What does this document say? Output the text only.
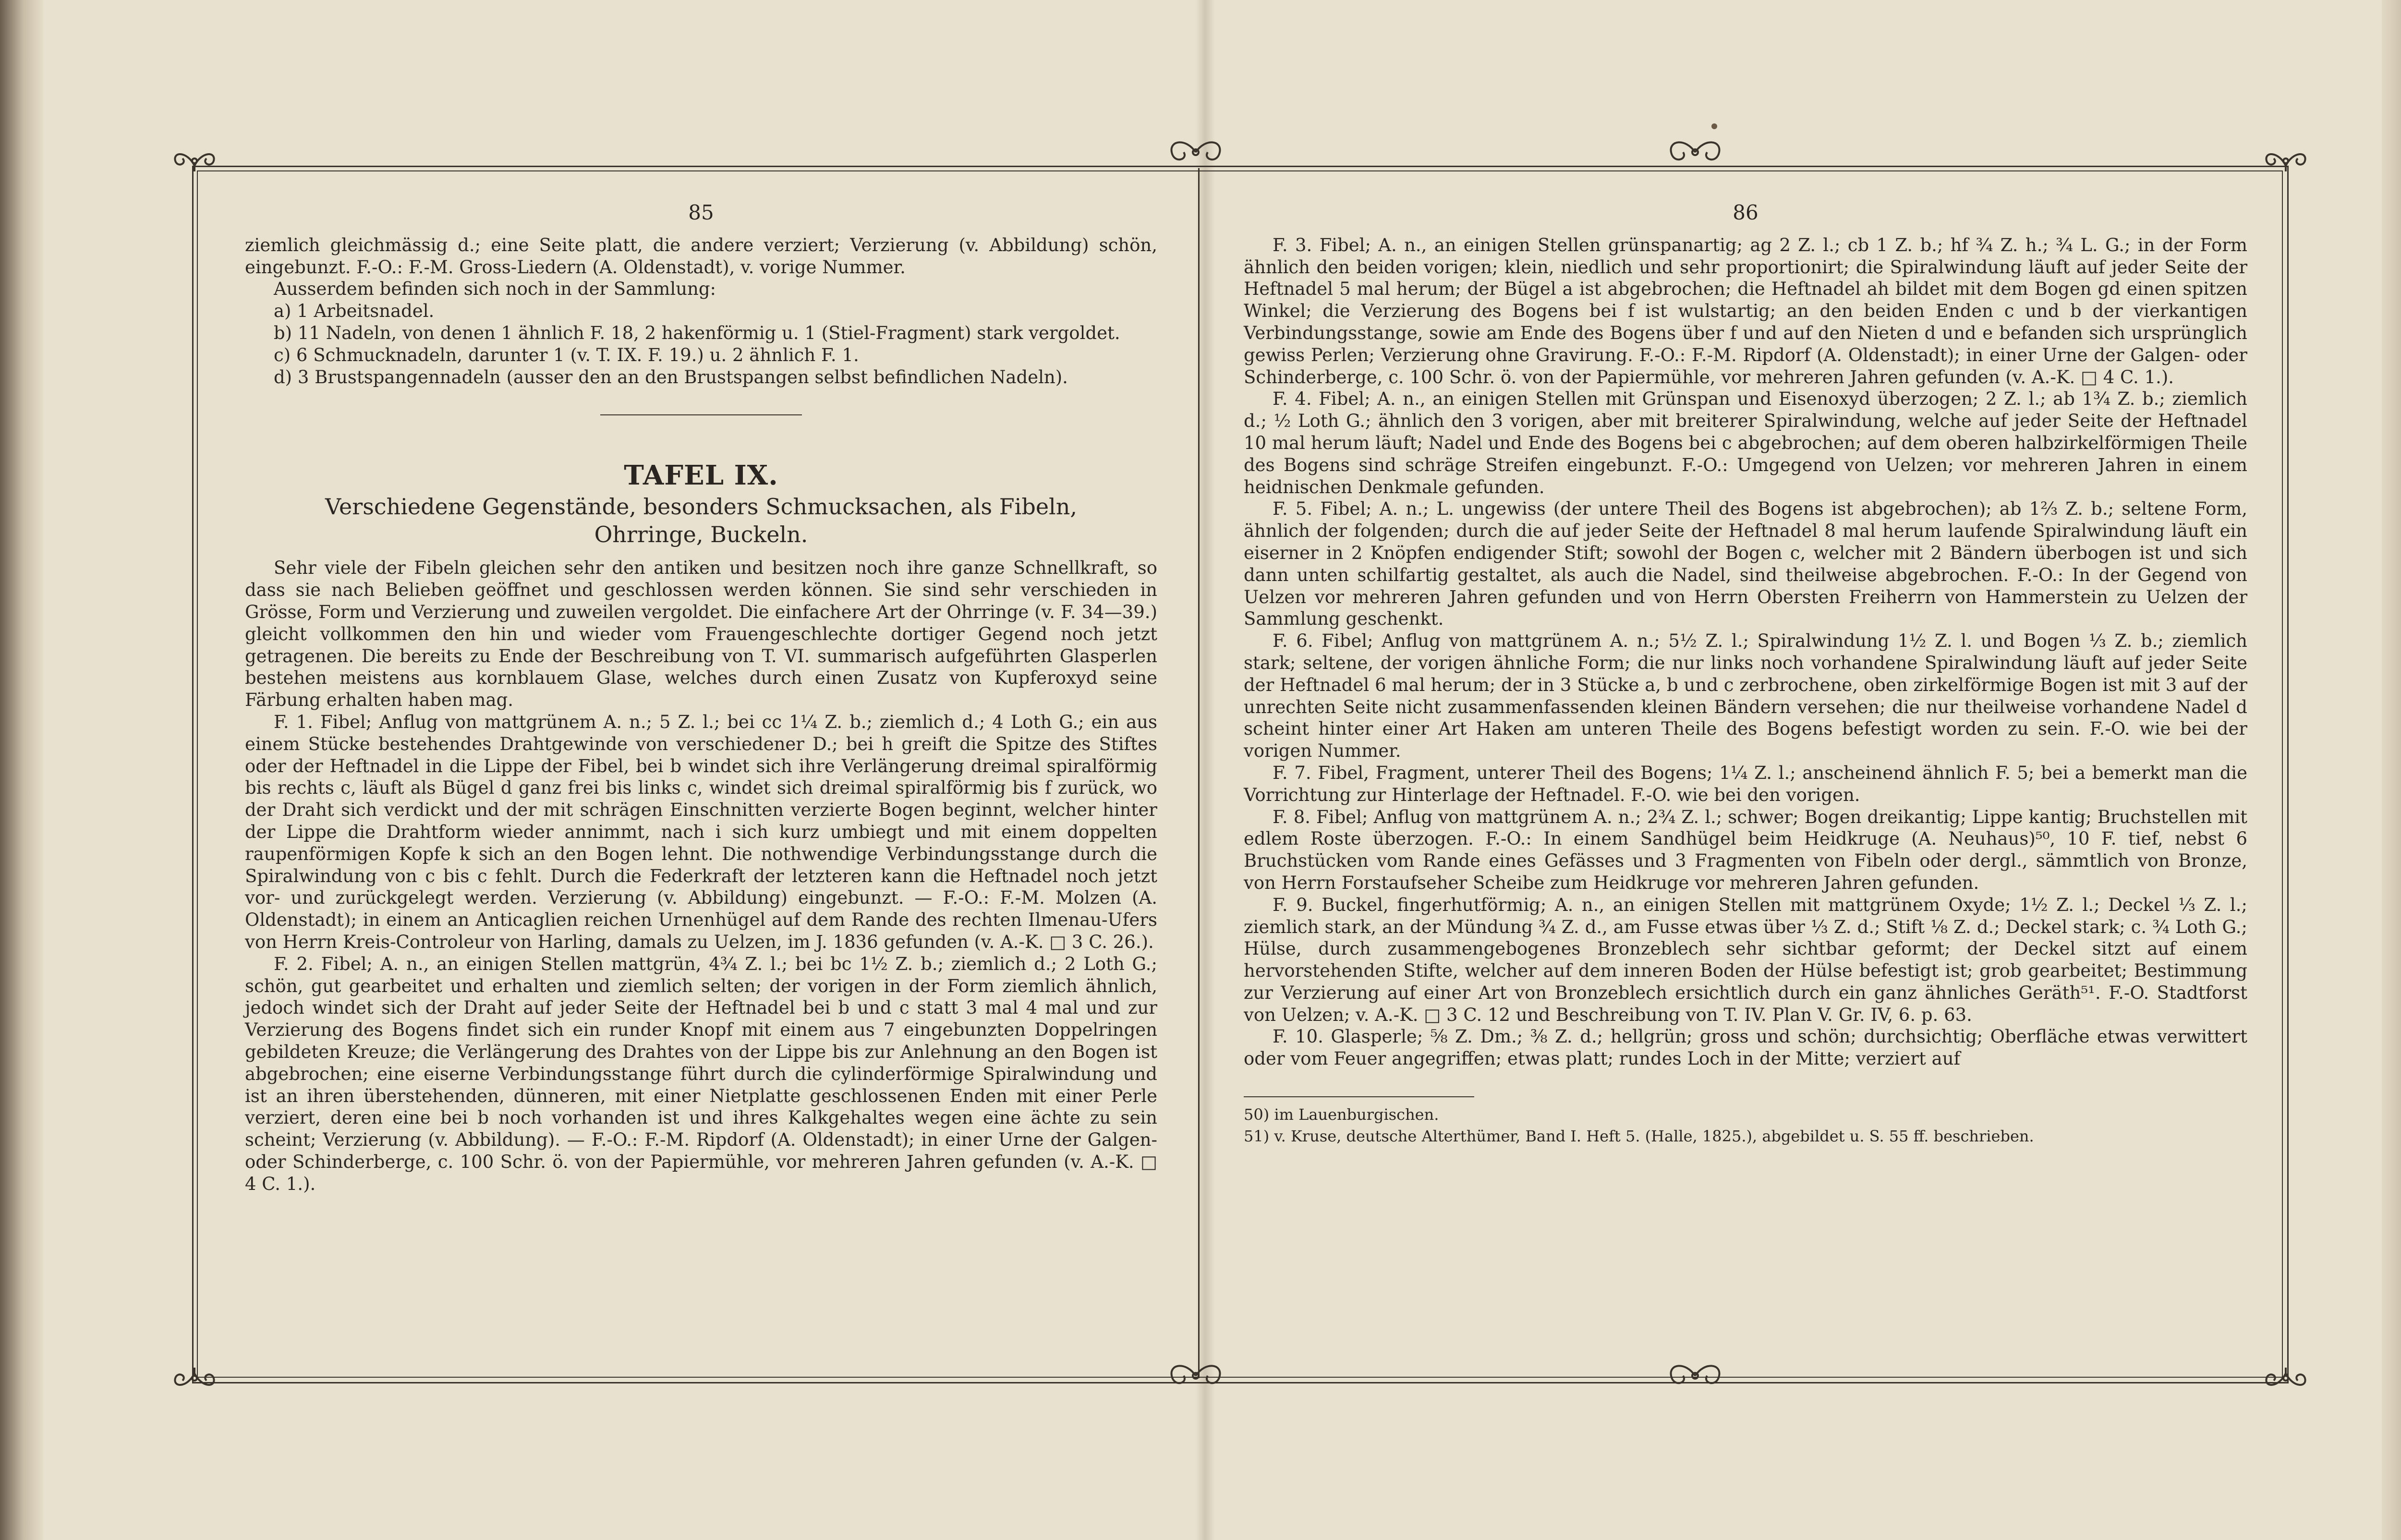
85

ziemlich gleichmässig d.; eine Seite platt, die andere verziert; Verzierung (v. Abbildung) schön, eingebunzt. F.-O.: F.-M. Gross-Liedern (A. Oldenstadt), v. vorige Nummer.

Ausserdem befinden sich noch in der Sammlung:

a) 1 Arbeitsnadel.

b) 11 Nadeln, von denen 1 ähnlich F. 18, 2 hakenförmig u. 1 (Stiel-Fragment) stark vergoldet.

c) 6 Schmucknadeln, darunter 1 (v. T. IX. F. 19.) u. 2 ähnlich F. 1.

d) 3 Brustspangennadeln (ausser den an den Brustspangen selbst befindlichen Nadeln).

TAFEL IX.
Verschiedene Gegenstände, besonders Schmucksachen, als Fibeln,
Ohrringe, Buckeln.

Sehr viele der Fibeln gleichen sehr den antiken und besitzen noch ihre ganze Schnellkraft, so dass sie nach Belieben geöffnet und geschlossen werden können. Sie sind sehr verschieden in Grösse, Form und Verzierung und zuweilen vergoldet. Die einfachere Art der Ohrringe (v. F. 34—39.) gleicht vollkommen den hin und wieder vom Frauengeschlechte dortiger Gegend noch jetzt getragenen. Die bereits zu Ende der Beschreibung von T. VI. summarisch aufgeführten Glasperlen bestehen meistens aus kornblauem Glase, welches durch einen Zusatz von Kupferoxyd seine Färbung erhalten haben mag.

F. 1. Fibel; Anflug von mattgrünem A. n.; 5 Z. l.; bei cc 1¼ Z. b.; ziemlich d.; 4 Loth G.; ein aus einem Stücke bestehendes Drahtgewinde von verschiedener D.; bei h greift die Spitze des Stiftes oder der Heftnadel in die Lippe der Fibel, bei b windet sich ihre Verlängerung dreimal spiralförmig bis rechts c, läuft als Bügel d ganz frei bis links c, windet sich dreimal spiralförmig bis f zurück, wo der Draht sich verdickt und der mit schrägen Einschnitten verzierte Bogen beginnt, welcher hinter der Lippe die Drahtform wieder annimmt, nach i sich kurz umbiegt und mit einem doppelten raupenförmigen Kopfe k sich an den Bogen lehnt. Die nothwendige Verbindungsstange durch die Spiralwindung von c bis c fehlt. Durch die Federkraft der letzteren kann die Heftnadel noch jetzt vor- und zurückgelegt werden. Verzierung (v. Abbildung) eingebunzt. — F.-O.: F.-M. Molzen (A. Oldenstadt); in einem an Anticaglien reichen Urnenhügel auf dem Rande des rechten Ilmenau-Ufers von Herrn Kreis-Controleur von Harling, damals zu Uelzen, im J. 1836 gefunden (v. A.-K. □ 3 C. 26.).

F. 2. Fibel; A. n., an einigen Stellen mattgrün, 4¾ Z. l.; bei bc 1½ Z. b.; ziemlich d.; 2 Loth G.; schön, gut gearbeitet und erhalten und ziemlich selten; der vorigen in der Form ziemlich ähnlich, jedoch windet sich der Draht auf jeder Seite der Heftnadel bei b und c statt 3 mal 4 mal und zur Verzierung des Bogens findet sich ein runder Knopf mit einem aus 7 eingebunzten Doppelringen gebildeten Kreuze; die Verlängerung des Drahtes von der Lippe bis zur Anlehnung an den Bogen ist abgebrochen; eine eiserne Verbindungsstange führt durch die cylinderförmige Spiralwindung und ist an ihren überstehenden, dünneren, mit einer Nietplatte geschlossenen Enden mit einer Perle verziert, deren eine bei b noch vorhanden ist und ihres Kalkgehaltes wegen eine ächte zu sein scheint; Verzierung (v. Abbildung). — F.-O.: F.-M. Ripdorf (A. Oldenstadt); in einer Urne der Galgen- oder Schinderberge, c. 100 Schr. ö. von der Papiermühle, vor mehreren Jahren gefunden (v. A.-K. □ 4 C. 1.).

86

F. 3. Fibel; A. n., an einigen Stellen grünspanartig; ag 2 Z. l.; cb 1 Z. b.; hf ¾ Z. h.; ¾ L. G.; in der Form ähnlich den beiden vorigen; klein, niedlich und sehr proportionirt; die Spiralwindung läuft auf jeder Seite der Heftnadel 5 mal herum; der Bügel a ist abgebrochen; die Heftnadel ah bildet mit dem Bogen gd einen spitzen Winkel; die Verzierung des Bogens bei f ist wulstartig; an den beiden Enden c und b der vierkantigen Verbindungsstange, sowie am Ende des Bogens über f und auf den Nieten d und e befanden sich ursprünglich gewiss Perlen; Verzierung ohne Gravirung. F.-O.: F.-M. Ripdorf (A. Oldenstadt); in einer Urne der Galgen- oder Schinderberge, c. 100 Schr. ö. von der Papiermühle, vor mehreren Jahren gefunden (v. A.-K. □ 4 C. 1.).

F. 4. Fibel; A. n., an einigen Stellen mit Grünspan und Eisenoxyd überzogen; 2 Z. l.; ab 1¾ Z. b.; ziemlich d.; ½ Loth G.; ähnlich den 3 vorigen, aber mit breiterer Spiralwindung, welche auf jeder Seite der Heftnadel 10 mal herum läuft; Nadel und Ende des Bogens bei c abgebrochen; auf dem oberen halbzirkelförmigen Theile des Bogens sind schräge Streifen eingebunzt. F.-O.: Umgegend von Uelzen; vor mehreren Jahren in einem heidnischen Denkmale gefunden.

F. 5. Fibel; A. n.; L. ungewiss (der untere Theil des Bogens ist abgebrochen); ab 1⅔ Z. b.; seltene Form, ähnlich der folgenden; durch die auf jeder Seite der Heftnadel 8 mal herum laufende Spiralwindung läuft ein eiserner in 2 Knöpfen endigender Stift; sowohl der Bogen c, welcher mit 2 Bändern überbogen ist und sich dann unten schilfartig gestaltet, als auch die Nadel, sind theilweise abgebrochen. F.-O.: In der Gegend von Uelzen vor mehreren Jahren gefunden und von Herrn Obersten Freiherrn von Hammerstein zu Uelzen der Sammlung geschenkt.

F. 6. Fibel; Anflug von mattgrünem A. n.; 5½ Z. l.; Spiralwindung 1½ Z. l. und Bogen ⅓ Z. b.; ziemlich stark; seltene, der vorigen ähnliche Form; die nur links noch vorhandene Spiralwindung läuft auf jeder Seite der Heftnadel 6 mal herum; der in 3 Stücke a, b und c zerbrochene, oben zirkelförmige Bogen ist mit 3 auf der unrechten Seite nicht zusammenfassenden kleinen Bändern versehen; die nur theilweise vorhandene Nadel d scheint hinter einer Art Haken am unteren Theile des Bogens befestigt worden zu sein. F.-O. wie bei der vorigen Nummer.

F. 7. Fibel, Fragment, unterer Theil des Bogens; 1¼ Z. l.; anscheinend ähnlich F. 5; bei a bemerkt man die Vorrichtung zur Hinterlage der Heftnadel. F.-O. wie bei den vorigen.

F. 8. Fibel; Anflug von mattgrünem A. n.; 2¾ Z. l.; schwer; Bogen dreikantig; Lippe kantig; Bruchstellen mit edlem Roste überzogen. F.-O.: In einem Sandhügel beim Heidkruge (A. Neuhaus)⁵⁰, 10 F. tief, nebst 6 Bruchstücken vom Rande eines Gefässes und 3 Fragmenten von Fibeln oder dergl., sämmtlich von Bronze, von Herrn Forstaufseher Scheibe zum Heidkruge vor mehreren Jahren gefunden.

F. 9. Buckel, fingerhutförmig; A. n., an einigen Stellen mit mattgrünem Oxyde; 1½ Z. l.; Deckel ⅓ Z. l.; ziemlich stark, an der Mündung ¾ Z. d., am Fusse etwas über ⅓ Z. d.; Stift ⅛ Z. d.; Deckel stark; c. ¾ Loth G.; Hülse, durch zusammengebogenes Bronzeblech sehr sichtbar geformt; der Deckel sitzt auf einem hervorstehenden Stifte, welcher auf dem inneren Boden der Hülse befestigt ist; grob gearbeitet; Bestimmung zur Verzierung auf einer Art von Bronzeblech ersichtlich durch ein ganz ähnliches Geräth⁵¹. F.-O. Stadtforst von Uelzen; v. A.-K. □ 3 C. 12 und Beschreibung von T. IV. Plan V. Gr. IV, 6. p. 63.

F. 10. Glasperle; ⅝ Z. Dm.; ⅜ Z. d.; hellgrün; gross und schön; durchsichtig; Oberfläche etwas verwittert oder vom Feuer angegriffen; etwas platt; rundes Loch in der Mitte; verziert auf

50) im Lauenburgischen.

51) v. Kruse, deutsche Alterthümer, Band I. Heft 5. (Halle, 1825.), abgebildet u. S. 55 ff. beschrieben.
